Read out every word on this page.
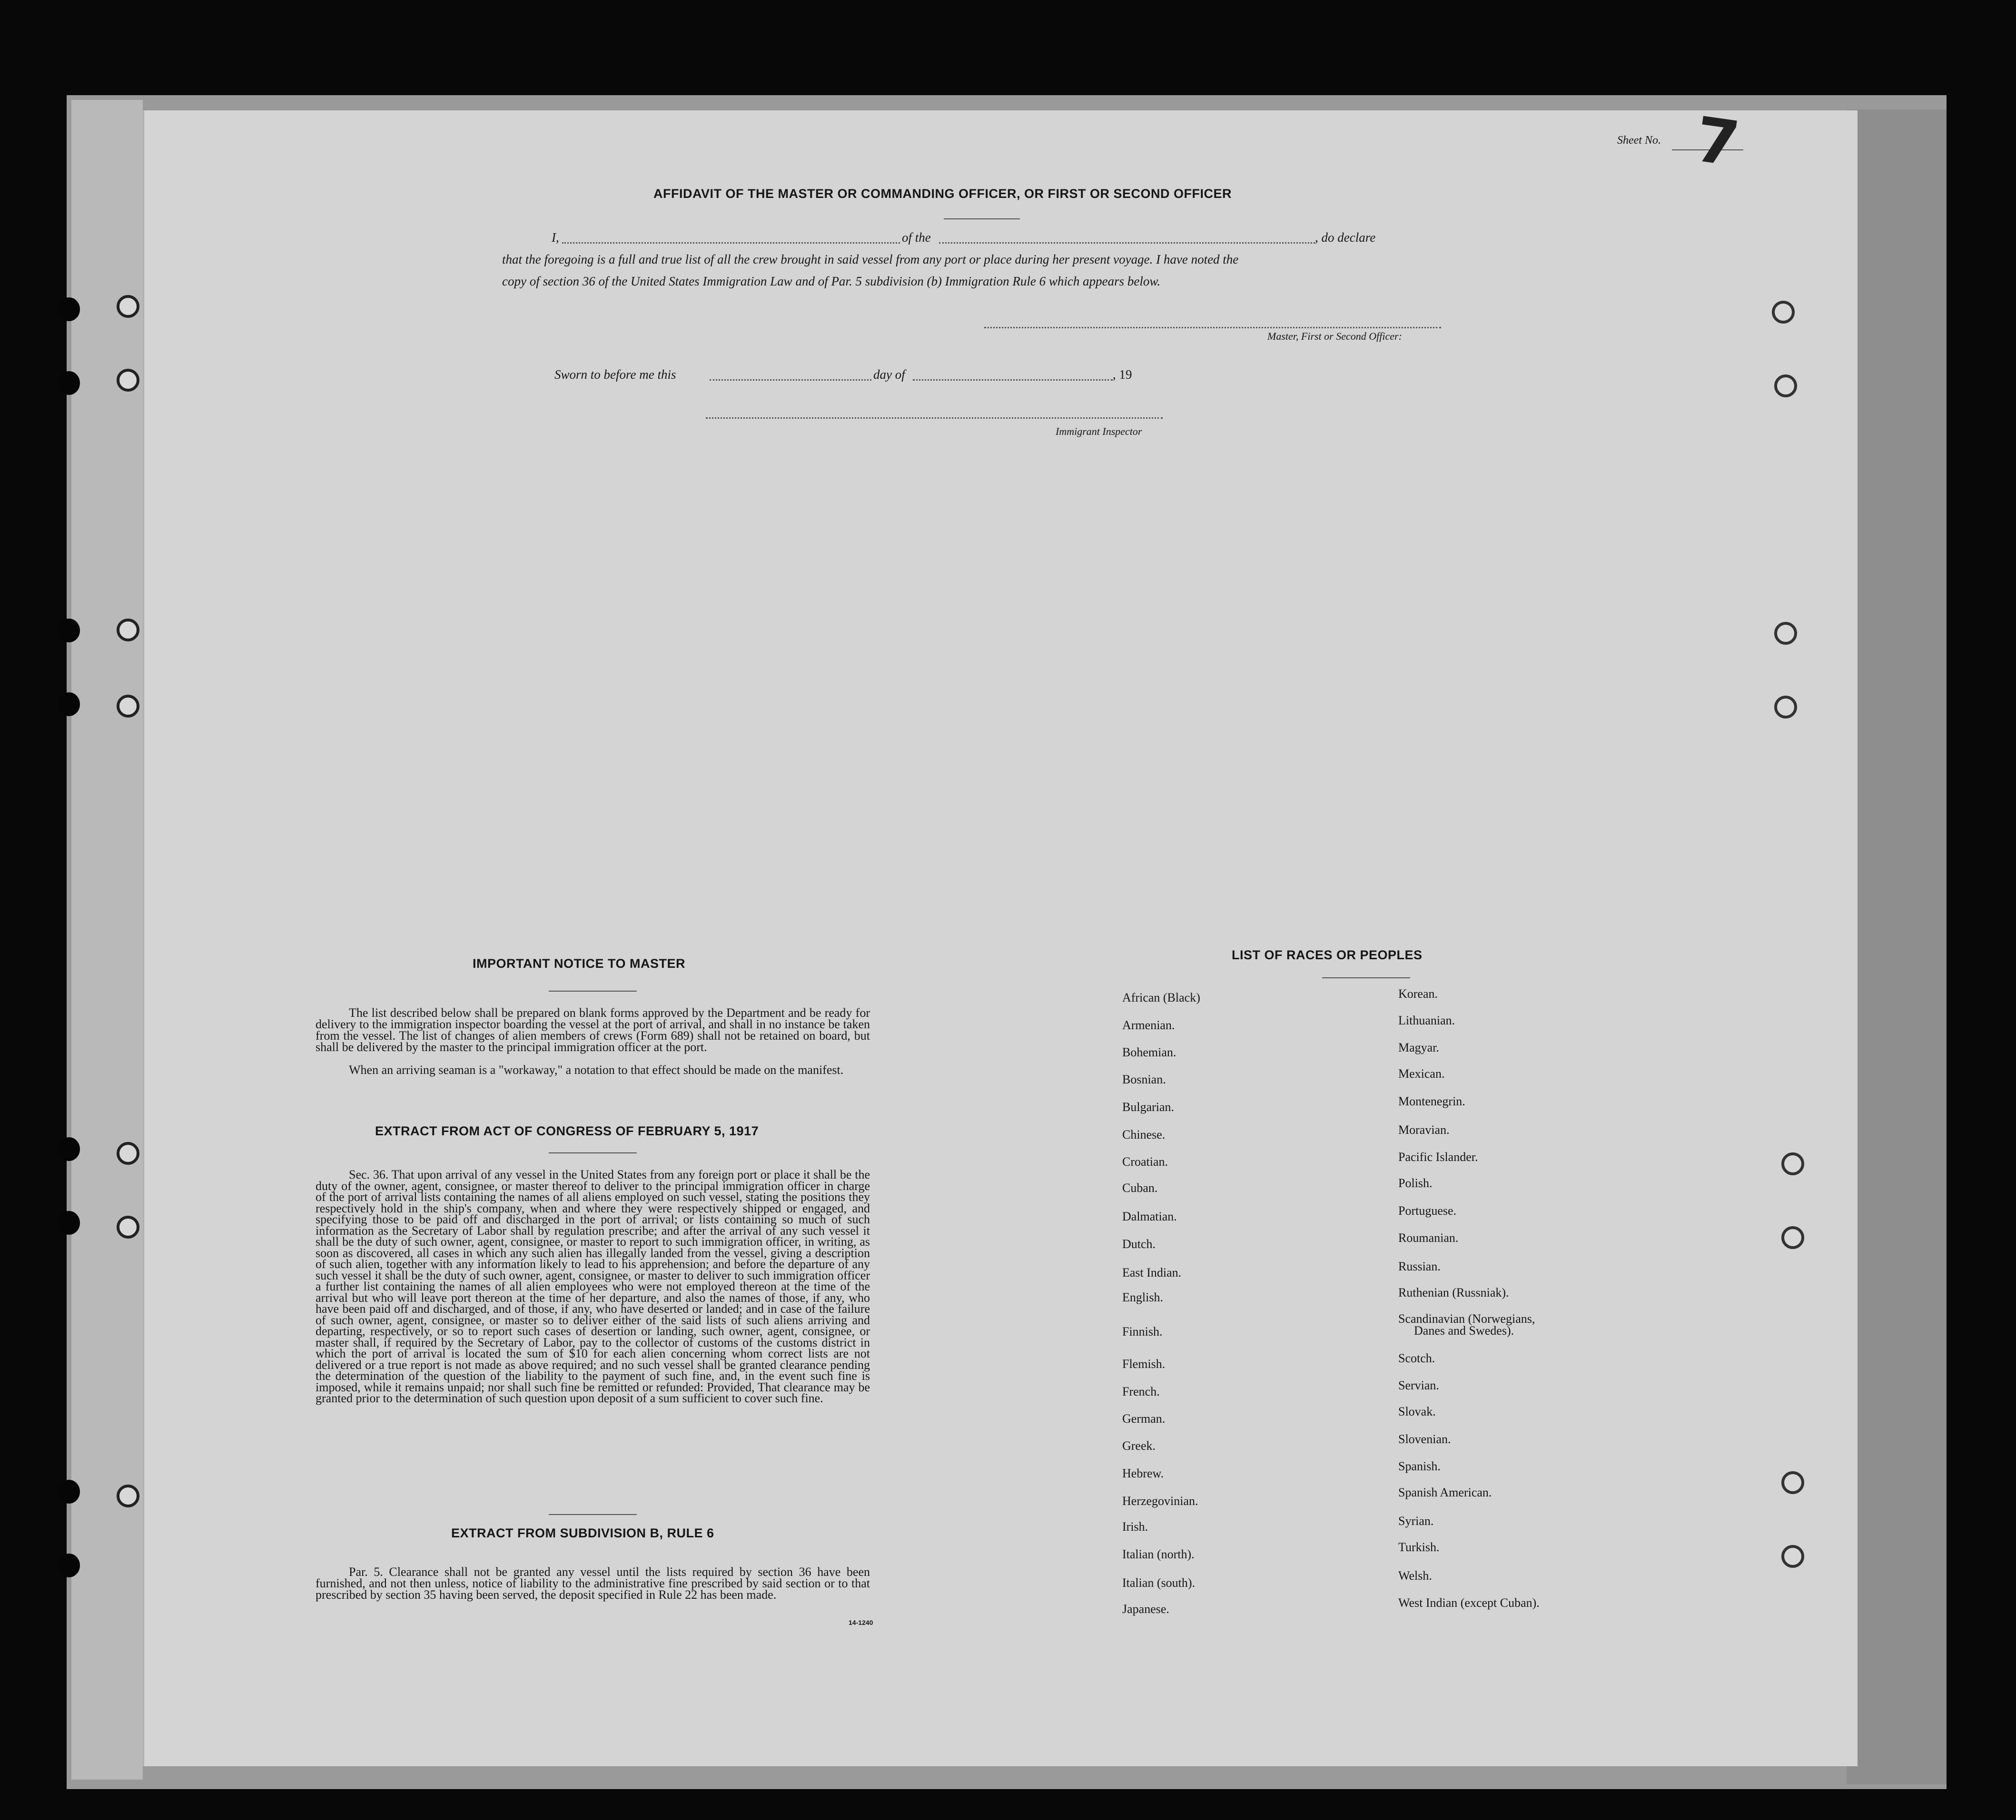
Sheet No. 7
AFFIDAVIT OF THE MASTER OR COMMANDING OFFICER, OR FIRST OR SECOND OFFICER
I,	of the	, do declare
that the foregoing is a full and true list of all the crew brought in said vessel from any port or place during her present voyage. I have noted the
copy of section 36 of the United States Immigration Law and of Par. 5 subdivision (b) Immigration Rule 6 which appears below.
Master, First or Second Officer:
Sworn to before me this	day of	, 19
Immigrant Inspector
IMPORTANT NOTICE TO MASTER
The list described below shall be prepared on blank forms approved by the Department and be ready for delivery to the immigration inspector boarding the vessel at the port of arrival, and shall in no instance be taken from the vessel. The list of changes of alien members of crews (Form 689) shall not be retained on board, but shall be delivered by the master to the principal immigration officer at the port.
When an arriving seaman is a "workaway," a notation to that effect should be made on the manifest.
EXTRACT FROM ACT OF CONGRESS OF FEBRUARY 5, 1917
Sec. 36. That upon arrival of any vessel in the United States from any foreign port or place it shall be the duty of the owner, agent, consignee, or master thereof to deliver to the principal immigration officer in charge of the port of arrival lists containing the names of all aliens employed on such vessel, stating the positions they respectively hold in the ship's company, when and where they were respectively shipped or engaged, and specifying those to be paid off and discharged in the port of arrival; or lists containing so much of such information as the Secretary of Labor shall by regulation prescribe; and after the arrival of any such vessel it shall be the duty of such owner, agent, consignee, or master to report to such immigration officer, in writing, as soon as discovered, all cases in which any such alien has illegally landed from the vessel, giving a description of such alien, together with any information likely to lead to his apprehension; and before the departure of any such vessel it shall be the duty of such owner, agent, consignee, or master to deliver to such immigration officer a further list containing the names of all alien employees who were not employed thereon at the time of the arrival but who will leave port thereon at the time of her departure, and also the names of those, if any, who have been paid off and discharged, and of those, if any, who have deserted or landed; and in case of the failure of such owner, agent, consignee, or master so to deliver either of the said lists of such aliens arriving and departing, respectively, or so to report such cases of desertion or landing, such owner, agent, consignee, or master shall, if required by the Secretary of Labor, pay to the collector of customs of the customs district in which the port of arrival is located the sum of $10 for each alien concerning whom correct lists are not delivered or a true report is not made as above required; and no such vessel shall be granted clearance pending the determination of the question of the liability to the payment of such fine, and, in the event such fine is imposed, while it remains unpaid; nor shall such fine be remitted or refunded: Provided, That clearance may be granted prior to the determination of such question upon deposit of a sum sufficient to cover such fine.
EXTRACT FROM SUBDIVISION B, RULE 6
Par. 5. Clearance shall not be granted any vessel until the lists required by section 36 have been furnished, and not then unless, notice of liability to the administrative fine prescribed by said section or to that prescribed by section 35 having been served, the deposit specified in Rule 22 has been made.
14-1240
LIST OF RACES OR PEOPLES
African (Black)
Armenian.
Bohemian.
Bosnian.
Bulgarian.
Chinese.
Croatian.
Cuban.
Dalmatian.
Dutch.
East Indian.
English.
Finnish.
Flemish.
French.
German.
Greek.
Hebrew.
Herzegovinian.
Irish.
Italian (north).
Italian (south).
Japanese.
Korean.
Lithuanian.
Magyar.
Mexican.
Montenegrin.
Moravian.
Pacific Islander.
Polish.
Portuguese.
Roumanian.
Russian.
Ruthenian (Russniak).
Scandinavian (Norwegians,
Danes and Swedes).
Scotch.
Servian.
Slovak.
Slovenian.
Spanish.
Spanish American.
Syrian.
Turkish.
Welsh.
West Indian (except Cuban).
